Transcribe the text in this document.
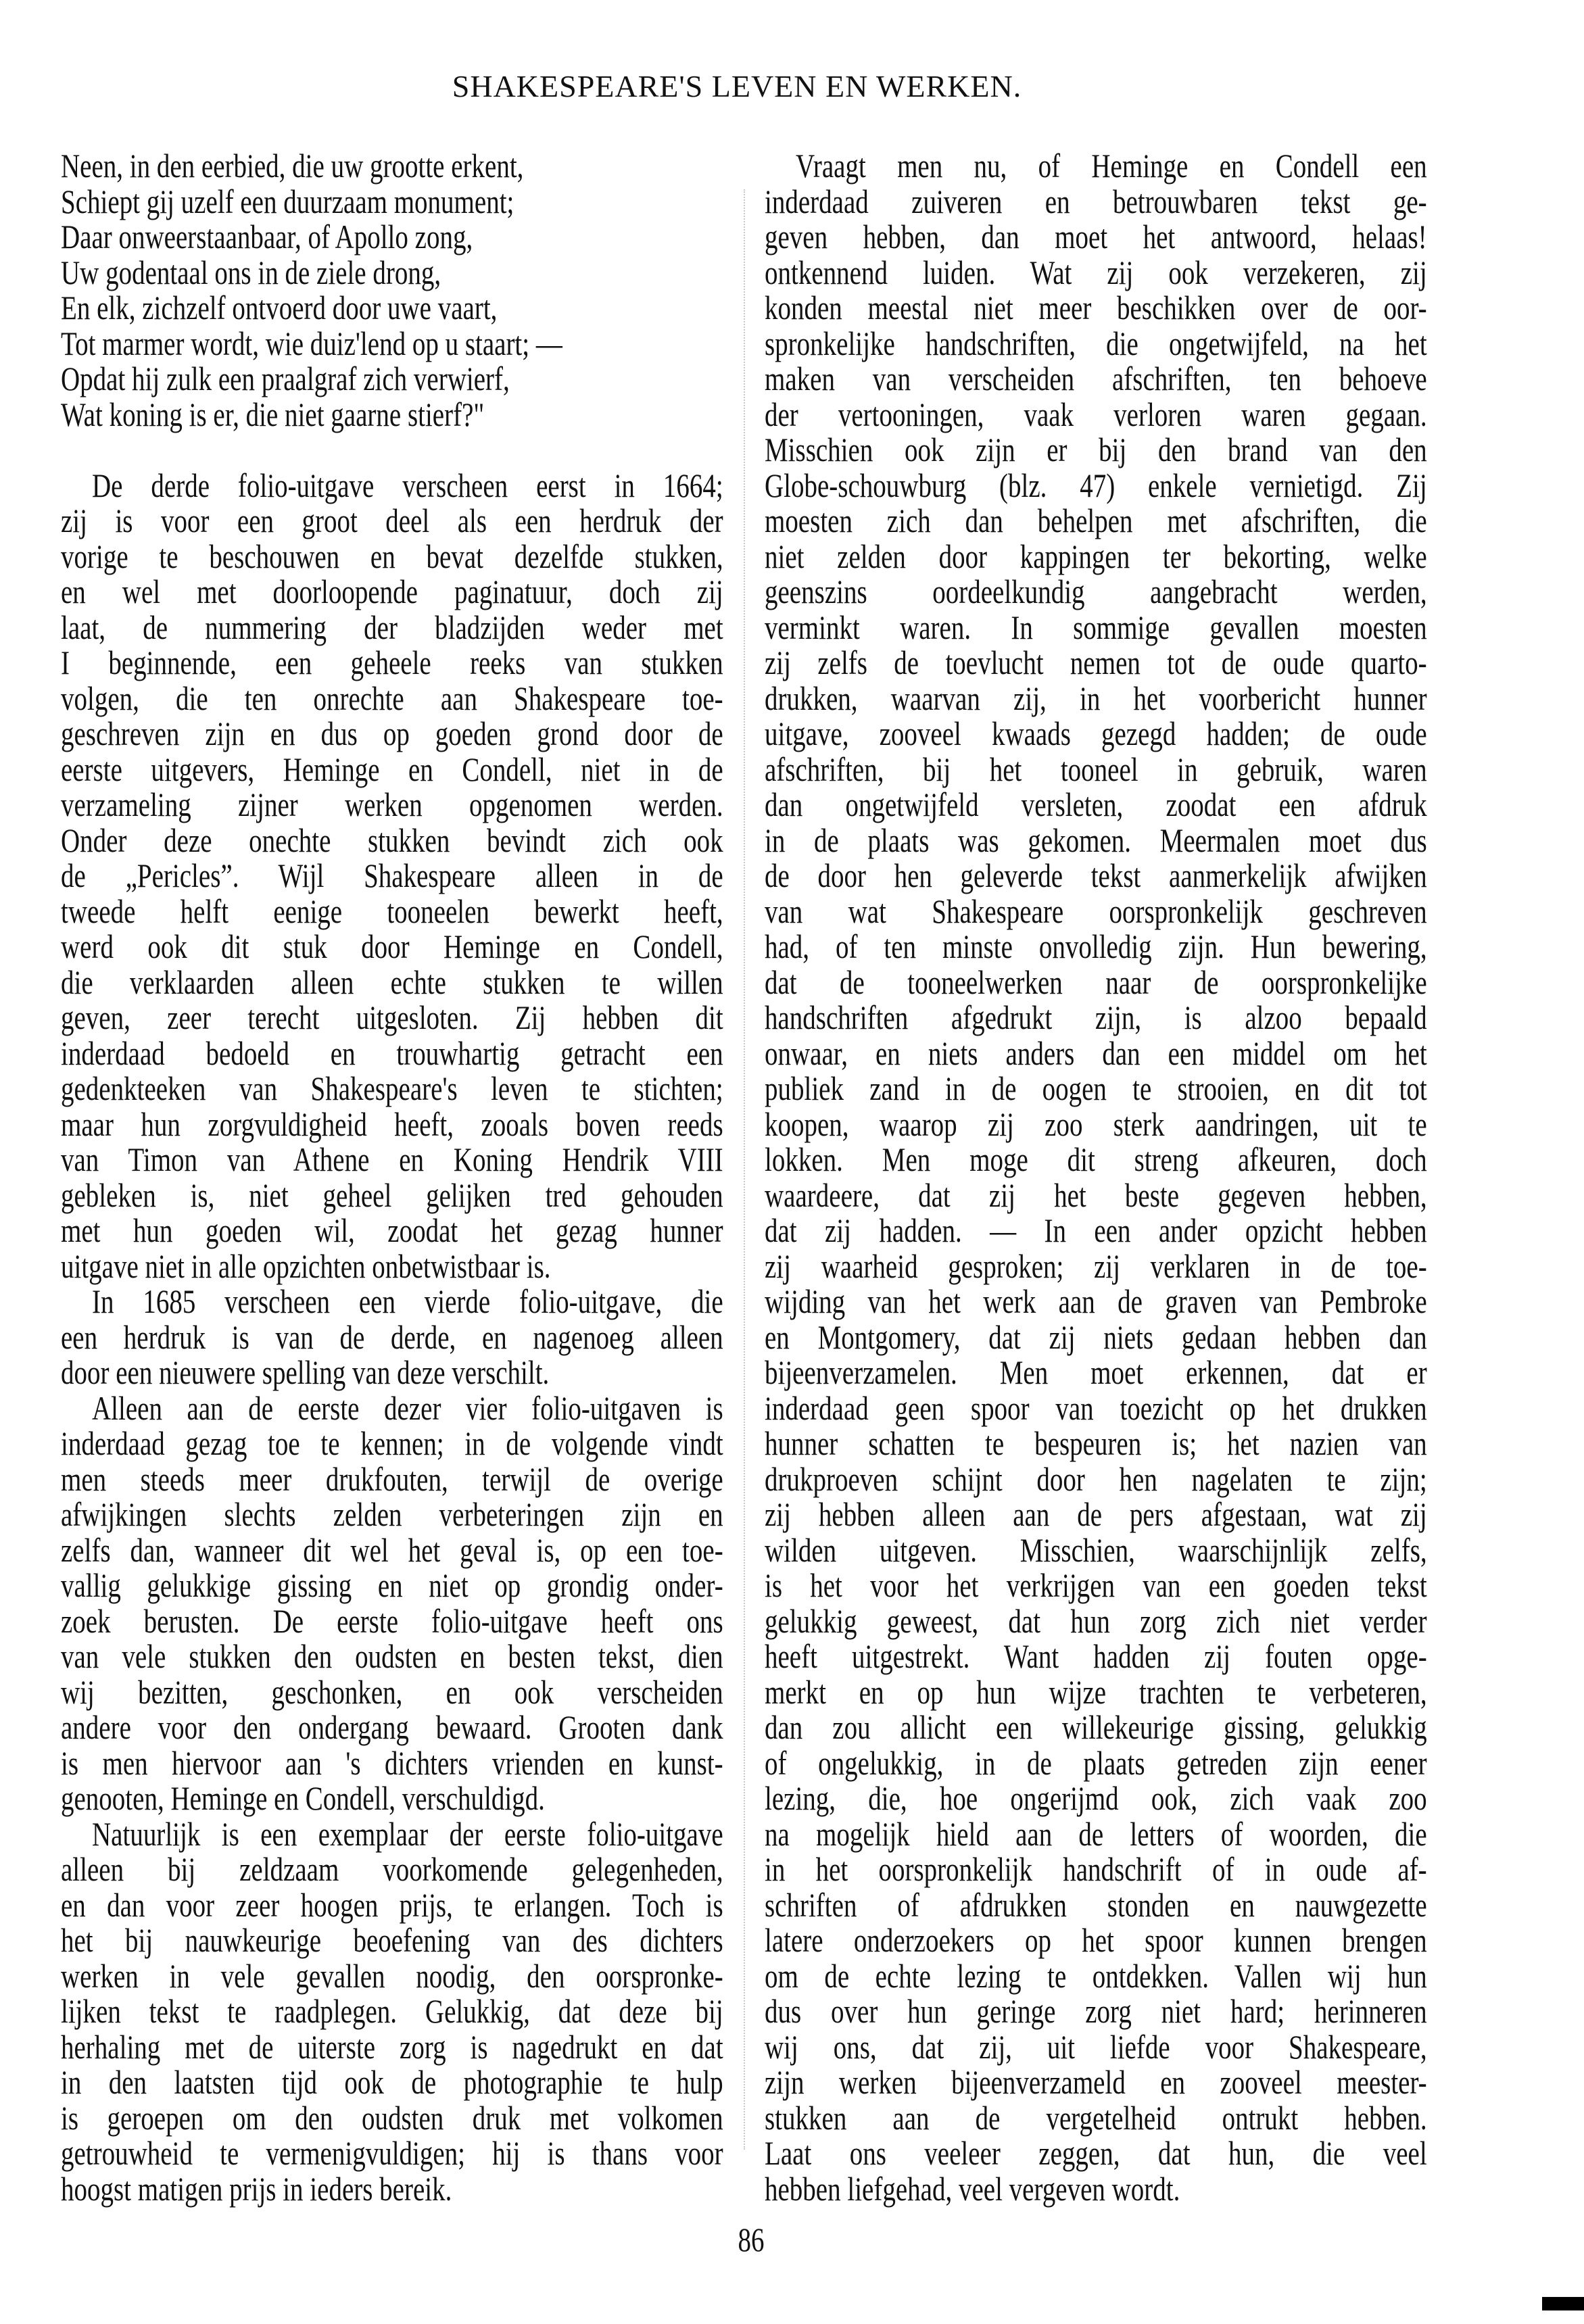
SHAKESPEARE'S LEVEN EN WERKEN.
Neen, in den eerbied, die uw grootte erkent,
Schiept gij uzelf een duurzaam monument;
Daar onweerstaanbaar, of Apollo zong,
Uw godentaal ons in de ziele drong,
En elk, zichzelf ontvoerd door uwe vaart,
Tot marmer wordt, wie duiz'lend op u staart; —
Opdat hij zulk een praalgraf zich verwierf,
Wat koning is er, die niet gaarne stierf?"
De derde folio-uitgave verscheen eerst in 1664;
zij is voor een groot deel als een herdruk der
vorige te beschouwen en bevat dezelfde stukken,
en wel met doorloopende paginatuur, doch zij
laat, de nummering der bladzijden weder met
I beginnende, een geheele reeks van stukken
volgen, die ten onrechte aan Shakespeare toe-
geschreven zijn en dus op goeden grond door de
eerste uitgevers, Heminge en Condell, niet in de
verzameling zijner werken opgenomen werden.
Onder deze onechte stukken bevindt zich ook
de „Pericles”. Wijl Shakespeare alleen in de
tweede helft eenige tooneelen bewerkt heeft,
werd ook dit stuk door Heminge en Condell,
die verklaarden alleen echte stukken te willen
geven, zeer terecht uitgesloten. Zij hebben dit
inderdaad bedoeld en trouwhartig getracht een
gedenkteeken van Shakespeare's leven te stichten;
maar hun zorgvuldigheid heeft, zooals boven reeds
van Timon van Athene en Koning Hendrik VIII
gebleken is, niet geheel gelijken tred gehouden
met hun goeden wil, zoodat het gezag hunner
uitgave niet in alle opzichten onbetwistbaar is.
In 1685 verscheen een vierde folio-uitgave, die
een herdruk is van de derde, en nagenoeg alleen
door een nieuwere spelling van deze verschilt.
Alleen aan de eerste dezer vier folio-uitgaven is
inderdaad gezag toe te kennen; in de volgende vindt
men steeds meer drukfouten, terwijl de overige
afwijkingen slechts zelden verbeteringen zijn en
zelfs dan, wanneer dit wel het geval is, op een toe-
vallig gelukkige gissing en niet op grondig onder-
zoek berusten. De eerste folio-uitgave heeft ons
van vele stukken den oudsten en besten tekst, dien
wij bezitten, geschonken, en ook verscheiden
andere voor den ondergang bewaard. Grooten dank
is men hiervoor aan 's dichters vrienden en kunst-
genooten, Heminge en Condell, verschuldigd.
Natuurlijk is een exemplaar der eerste folio-uitgave
alleen bij zeldzaam voorkomende gelegenheden,
en dan voor zeer hoogen prijs, te erlangen. Toch is
het bij nauwkeurige beoefening van des dichters
werken in vele gevallen noodig, den oorspronke-
lijken tekst te raadplegen. Gelukkig, dat deze bij
herhaling met de uiterste zorg is nagedrukt en dat
in den laatsten tijd ook de photographie te hulp
is geroepen om den oudsten druk met volkomen
getrouwheid te vermenigvuldigen; hij is thans voor
hoogst matigen prijs in ieders bereik.
Vraagt men nu, of Heminge en Condell een
inderdaad zuiveren en betrouwbaren tekst ge-
geven hebben, dan moet het antwoord, helaas!
ontkennend luiden. Wat zij ook verzekeren, zij
konden meestal niet meer beschikken over de oor-
spronkelijke handschriften, die ongetwijfeld, na het
maken van verscheiden afschriften, ten behoeve
der vertooningen, vaak verloren waren gegaan.
Misschien ook zijn er bij den brand van den
Globe-schouwburg (blz. 47) enkele vernietigd. Zij
moesten zich dan behelpen met afschriften, die
niet zelden door kappingen ter bekorting, welke
geenszins oordeelkundig aangebracht werden,
verminkt waren. In sommige gevallen moesten
zij zelfs de toevlucht nemen tot de oude quarto-
drukken, waarvan zij, in het voorbericht hunner
uitgave, zooveel kwaads gezegd hadden; de oude
afschriften, bij het tooneel in gebruik, waren
dan ongetwijfeld versleten, zoodat een afdruk
in de plaats was gekomen. Meermalen moet dus
de door hen geleverde tekst aanmerkelijk afwijken
van wat Shakespeare oorspronkelijk geschreven
had, of ten minste onvolledig zijn. Hun bewering,
dat de tooneelwerken naar de oorspronkelijke
handschriften afgedrukt zijn, is alzoo bepaald
onwaar, en niets anders dan een middel om het
publiek zand in de oogen te strooien, en dit tot
koopen, waarop zij zoo sterk aandringen, uit te
lokken. Men moge dit streng afkeuren, doch
waardeere, dat zij het beste gegeven hebben,
dat zij hadden. — In een ander opzicht hebben
zij waarheid gesproken; zij verklaren in de toe-
wijding van het werk aan de graven van Pembroke
en Montgomery, dat zij niets gedaan hebben dan
bijeenverzamelen. Men moet erkennen, dat er
inderdaad geen spoor van toezicht op het drukken
hunner schatten te bespeuren is; het nazien van
drukproeven schijnt door hen nagelaten te zijn;
zij hebben alleen aan de pers afgestaan, wat zij
wilden uitgeven. Misschien, waarschijnlijk zelfs,
is het voor het verkrijgen van een goeden tekst
gelukkig geweest, dat hun zorg zich niet verder
heeft uitgestrekt. Want hadden zij fouten opge-
merkt en op hun wijze trachten te verbeteren,
dan zou allicht een willekeurige gissing, gelukkig
of ongelukkig, in de plaats getreden zijn eener
lezing, die, hoe ongerijmd ook, zich vaak zoo
na mogelijk hield aan de letters of woorden, die
in het oorspronkelijk handschrift of in oude af-
schriften of afdrukken stonden en nauwgezette
latere onderzoekers op het spoor kunnen brengen
om de echte lezing te ontdekken. Vallen wij hun
dus over hun geringe zorg niet hard; herinneren
wij ons, dat zij, uit liefde voor Shakespeare,
zijn werken bijeenverzameld en zooveel meester-
stukken aan de vergetelheid ontrukt hebben.
Laat ons veeleer zeggen, dat hun, die veel
hebben liefgehad, veel vergeven wordt.
86
